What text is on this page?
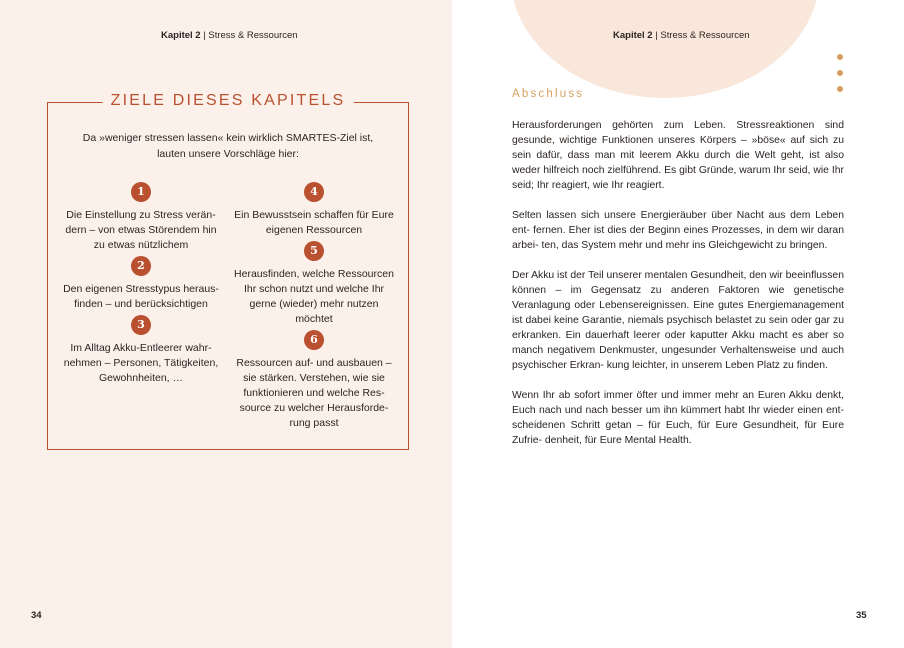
Kapitel 2 | Stress & Ressourcen
ZIELE DIESES KAPITELS
Da »weniger stressen lassen« kein wirklich SMARTES-Ziel ist, lauten unsere Vorschläge hier:
1
Die Einstellung zu Stress verän- dern – von etwas Störendem hin zu etwas nützlichem
2
Den eigenen Stresstypus heraus- finden – und berücksichtigen
3
Im Alltag Akku-Entleerer wahr- nehmen – Personen, Tätigkeiten, Gewohnheiten, …
4
Ein Bewusstsein schaffen für Eure eigenen Ressourcen
5
Herausfinden, welche Ressourcen Ihr schon nutzt und welche Ihr gerne (wieder) mehr nutzen möchtet
6
Ressourcen auf- und ausbauen – sie stärken. Verstehen, wie sie funktionieren und welche Res- source zu welcher Herausforde- rung passt
34
Kapitel 2 | Stress & Ressourcen
Abschluss

Herausforderungen gehörten zum Leben. Stressreaktionen sind gesunde, wichtige Funktionen unseres Körpers – »böse« auf sich zu sein dafür, dass man mit leerem Akku durch die Welt geht, ist also weder hilfreich noch zielführend. Es gibt Gründe, warum Ihr seid, wie Ihr seid; Ihr reagiert, wie Ihr reagiert.

Selten lassen sich unsere Energieräuber über Nacht aus dem Leben ent- fernen. Eher ist dies der Beginn eines Prozesses, in dem wir daran arbei- ten, das System mehr und mehr ins Gleichgewicht zu bringen.

Der Akku ist der Teil unserer mentalen Gesundheit, den wir beeinflussen können – im Gegensatz zu anderen Faktoren wie genetische Veranlagung oder Lebensereignissen. Eine gutes Energiemanagement ist dabei keine Garantie, niemals psychisch belastet zu sein oder gar zu erkranken. Ein dauerhaft leerer oder kaputter Akku macht es aber so manch negativem Denkmuster, ungesunder Verhaltensweise und auch psychischer Erkran- kung leichter, in unserem Leben Platz zu finden.

Wenn Ihr ab sofort immer öfter und immer mehr an Euren Akku denkt, Euch nach und nach besser um ihn kümmert habt Ihr wieder einen ent- scheidenen Schritt getan – für Euch, für Eure Gesundheit, für Eure Zufrie- denheit, für Eure Mental Health.

35
